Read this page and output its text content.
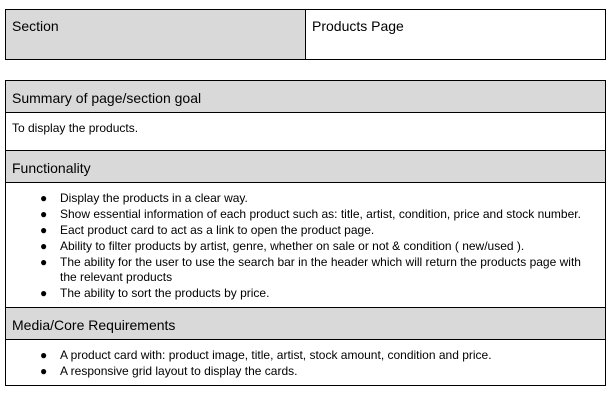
Section	Products Page
Summary of page/section goal
To display the products.
Functionality

● Display the products in a clear way.
● Show essential information of each product such as: title, artist, condition, price and stock number.
● Eact product card to act as a link to open the product page.
● Ability to filter products by artist, genre, whether on sale or not & condition ( new/used ).
● The ability for the user to use the search bar in the header which will return the products page with the relevant products
● The ability to sort the products by price.

Media/Core Requirements

● A product card with: product image, title, artist, stock amount, condition and price.
● A responsive grid layout to display the cards.
